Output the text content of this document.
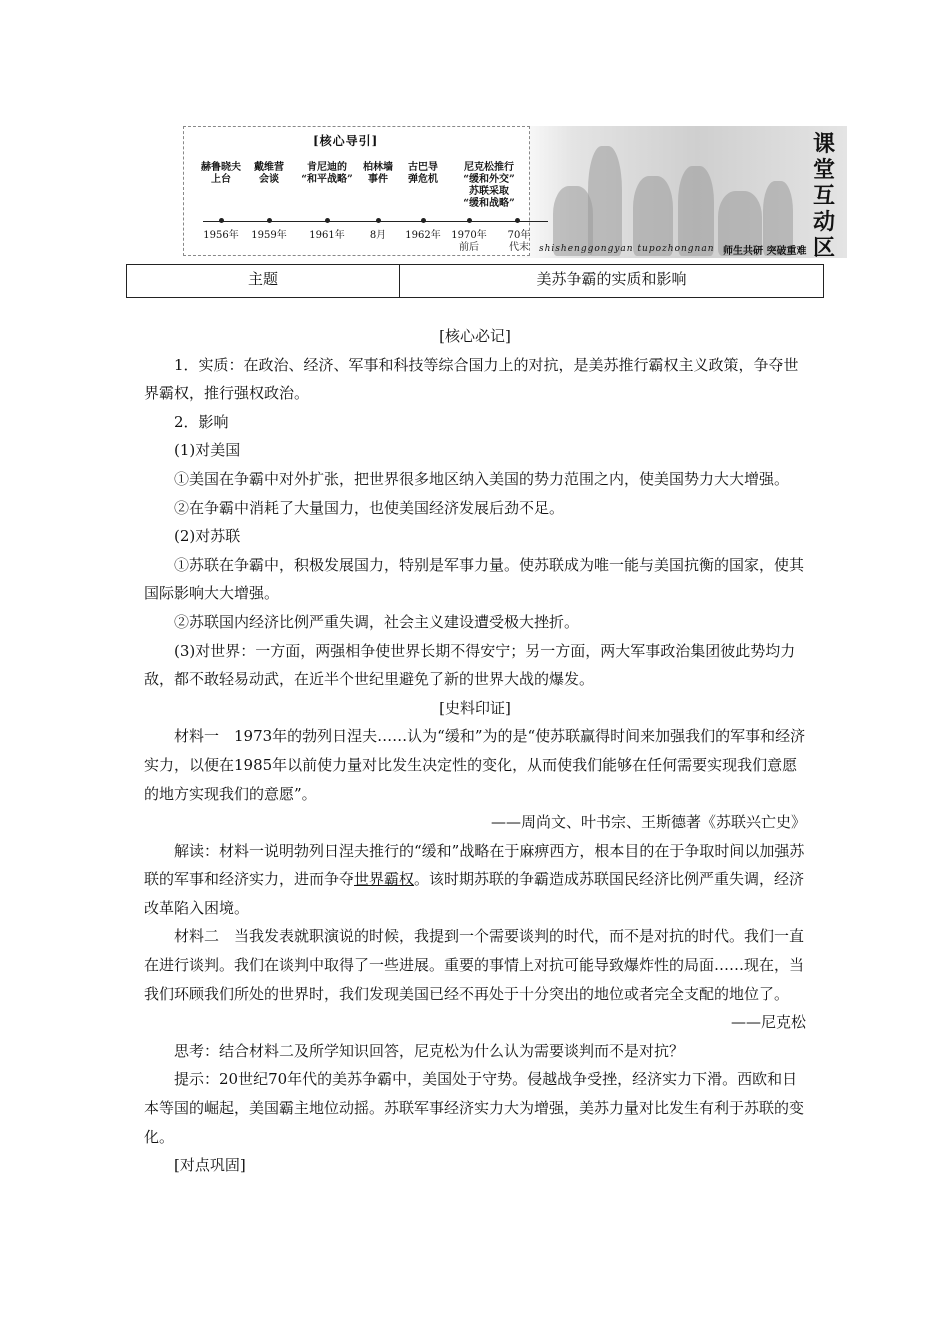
[核心导引]
赫鲁晓夫
上台
戴维营
会谈
肯尼迪的
“和平战略”
柏林墙
事件
古巴导
弹危机
尼克松推行
“缓和外交”
苏联采取
“缓和战略”
1956年 1959年 1961年	8月 1962年 1970年
前后
70年
代末
课堂互动区
shishenggongyan tupozhongnan 师生共研 突破重难
主题	美苏争霸的实质和影响

[核心必记]

1．实质：在政治、经济、军事和科技等综合国力上的对抗，是美苏推行霸权主义政策，争夺世界霸权，推行强权政治。

2．影响

(1)对美国

①美国在争霸中对外扩张，把世界很多地区纳入美国的势力范围之内，使美国势力大大增强。

②在争霸中消耗了大量国力，也使美国经济发展后劲不足。

(2)对苏联

①苏联在争霸中，积极发展国力，特别是军事力量。使苏联成为唯一能与美国抗衡的国家，使其国际影响大大增强。

②苏联国内经济比例严重失调，社会主义建设遭受极大挫折。

(3)对世界：一方面，两强相争使世界长期不得安宁；另一方面，两大军事政治集团彼此势均力敌，都不敢轻易动武，在近半个世纪里避免了新的世界大战的爆发。

[史料印证]

材料一　1973年的勃列日涅夫……认为“缓和”为的是“使苏联赢得时间来加强我们的军事和经济实力，以便在1985年以前使力量对比发生决定性的变化，从而使我们能够在任何需要实现我们意愿的地方实现我们的意愿”。

——周尚文、叶书宗、王斯德著《苏联兴亡史》

解读：材料一说明勃列日涅夫推行的“缓和”战略在于麻痹西方，根本目的在于争取时间以加强苏联的军事和经济实力，进而争夺世界霸权。该时期苏联的争霸造成苏联国民经济比例严重失调，经济改革陷入困境。

材料二　当我发表就职演说的时候，我提到一个需要谈判的时代，而不是对抗的时代。我们一直在进行谈判。我们在谈判中取得了一些进展。重要的事情上对抗可能导致爆炸性的局面……现在，当我们环顾我们所处的世界时，我们发现美国已经不再处于十分突出的地位或者完全支配的地位了。

——尼克松

思考：结合材料二及所学知识回答，尼克松为什么认为需要谈判而不是对抗？

提示：20世纪70年代的美苏争霸中，美国处于守势。侵越战争受挫，经济实力下滑。西欧和日本等国的崛起，美国霸主地位动摇。苏联军事经济实力大为增强，美苏力量对比发生有利于苏联的变化。

[对点巩固]
